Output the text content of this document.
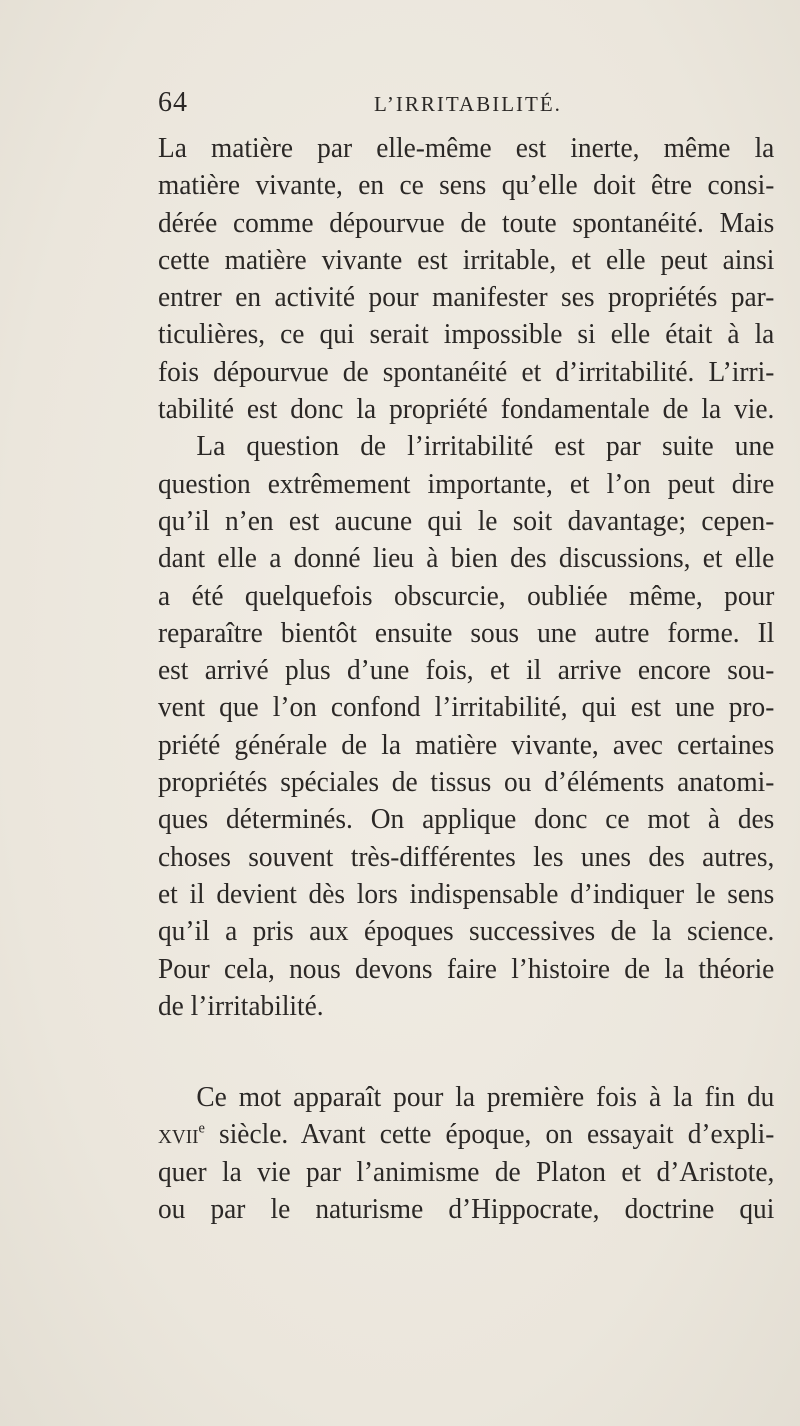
64	L’IRRITABILITÉ.
La matière par elle-même est inerte, même la
matière vivante, en ce sens qu’elle doit être consi-
dérée comme dépourvue de toute spontanéité. Mais
cette matière vivante est irritable, et elle peut ainsi
entrer en activité pour manifester ses propriétés par-
ticulières, ce qui serait impossible si elle était à la
fois dépourvue de spontanéité et d’irritabilité. L’irri-
tabilité est donc la propriété fondamentale de la vie.
La question de l’irritabilité est par suite une
question extrêmement importante, et l’on peut dire
qu’il n’en est aucune qui le soit davantage; cepen-
dant elle a donné lieu à bien des discussions, et elle
a été quelquefois obscurcie, oubliée même, pour
reparaître bientôt ensuite sous une autre forme. Il
est arrivé plus d’une fois, et il arrive encore sou-
vent que l’on confond l’irritabilité, qui est une pro-
priété générale de la matière vivante, avec certaines
propriétés spéciales de tissus ou d’éléments anatomi-
ques déterminés. On applique donc ce mot à des
choses souvent très-différentes les unes des autres,
et il devient dès lors indispensable d’indiquer le sens
qu’il a pris aux époques successives de la science.
Pour cela, nous devons faire l’histoire de la théorie
de l’irritabilité.
Ce mot apparaît pour la première fois à la fin du
xvii$^e$ siècle. Avant cette époque, on essayait d’expli-
quer la vie par l’animisme de Platon et d’Aristote,
ou par le naturisme d’Hippocrate, doctrine qui
